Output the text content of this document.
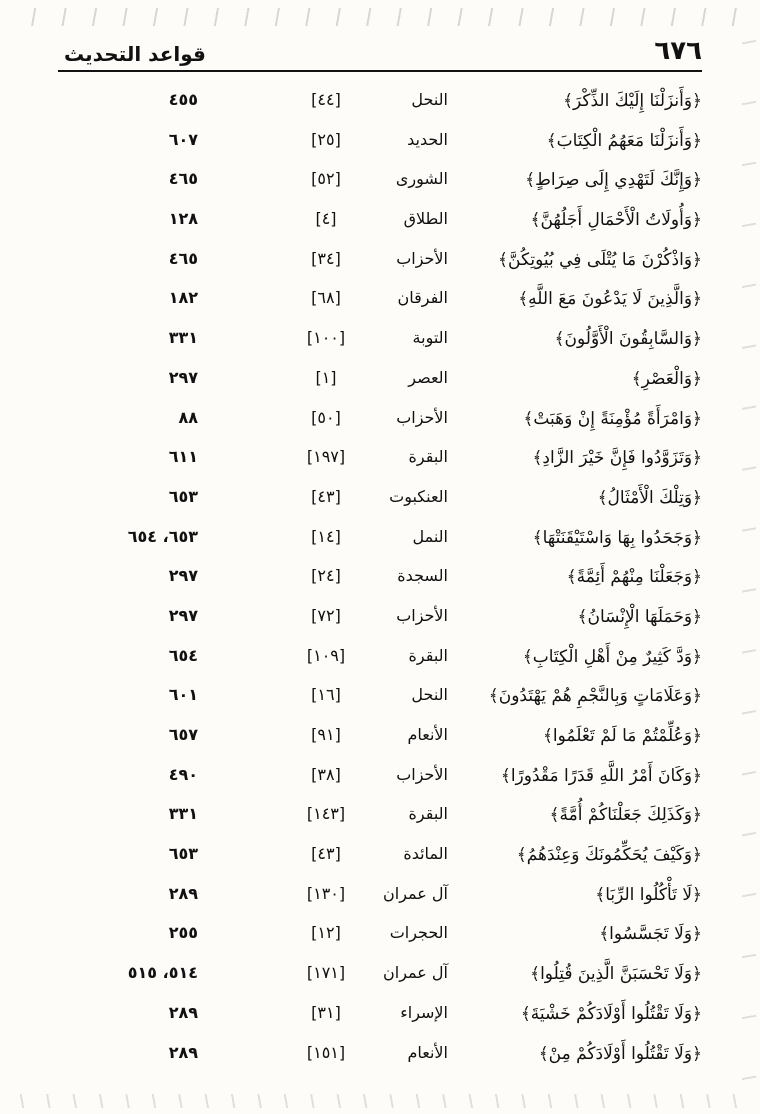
٦٧٦
قواعد التحديث
﴿وَأَنزَلْنَا إِلَيْكَ الذِّكْرَ﴾
النحل
[٤٤]
٤٥٥
﴿وَأَنزَلْنَا مَعَهُمُ الْكِتَابَ﴾
الحديد
[٢٥]
٦٠٧
﴿وَإِنَّكَ لَتَهْدِي إِلَى صِرَاطٍ﴾
الشورى
[٥٢]
٤٦٥
﴿وَأُولَاتُ الْأَحْمَالِ أَجَلُهُنَّ﴾
الطلاق
[٤]
١٢٨
﴿وَاذْكُرْنَ مَا يُتْلَى فِي بُيُوتِكُنَّ﴾
الأحزاب
[٣٤]
٤٦٥
﴿وَالَّذِينَ لَا يَدْعُونَ مَعَ اللَّهِ﴾
الفرقان
[٦٨]
١٨٢
﴿وَالسَّابِقُونَ الْأَوَّلُونَ﴾
التوبة
[١٠٠]
٣٣١
﴿وَالْعَصْرِ﴾
العصر
[١]
٢٩٧
﴿وَامْرَأَةً مُؤْمِنَةً إِنْ وَهَبَتْ﴾
الأحزاب
[٥٠]
٨٨
﴿وَتَزَوَّدُوا فَإِنَّ خَيْرَ الزَّادِ﴾
البقرة
[١٩٧]
٦١١
﴿وَتِلْكَ الْأَمْثَالُ﴾
العنكبوت
[٤٣]
٦٥٣
﴿وَجَحَدُوا بِهَا وَاسْتَيْقَنَتْهَا﴾
النمل
[١٤]
٦٥٣، ٦٥٤
﴿وَجَعَلْنَا مِنْهُمْ أَئِمَّةً﴾
السجدة
[٢٤]
٢٩٧
﴿وَحَمَلَهَا الْإِنْسَانُ﴾
الأحزاب
[٧٢]
٢٩٧
﴿وَدَّ كَثِيرٌ مِنْ أَهْلِ الْكِتَابِ﴾
البقرة
[١٠٩]
٦٥٤
﴿وَعَلَامَاتٍ وَبِالنَّجْمِ هُمْ يَهْتَدُونَ﴾
النحل
[١٦]
٦٠١
﴿وَعُلِّمْتُمْ مَا لَمْ تَعْلَمُوا﴾
الأنعام
[٩١]
٦٥٧
﴿وَكَانَ أَمْرُ اللَّهِ قَدَرًا مَقْدُورًا﴾
الأحزاب
[٣٨]
٤٩٠
﴿وَكَذَلِكَ جَعَلْنَاكُمْ أُمَّةً﴾
البقرة
[١٤٣]
٣٣١
﴿وَكَيْفَ يُحَكِّمُونَكَ وَعِنْدَهُمُ﴾
المائدة
[٤٣]
٦٥٣
﴿لَا تَأْكُلُوا الرِّبَا﴾
آل عمران
[١٣٠]
٢٨٩
﴿وَلَا تَجَسَّسُوا﴾
الحجرات
[١٢]
٢٥٥
﴿وَلَا تَحْسَبَنَّ الَّذِينَ قُتِلُوا﴾
آل عمران
[١٧١]
٥١٤، ٥١٥
﴿وَلَا تَقْتُلُوا أَوْلَادَكُمْ خَشْيَةَ﴾
الإسراء
[٣١]
٢٨٩
﴿وَلَا تَقْتُلُوا أَوْلَادَكُمْ مِنْ﴾
الأنعام
[١٥١]
٢٨٩
